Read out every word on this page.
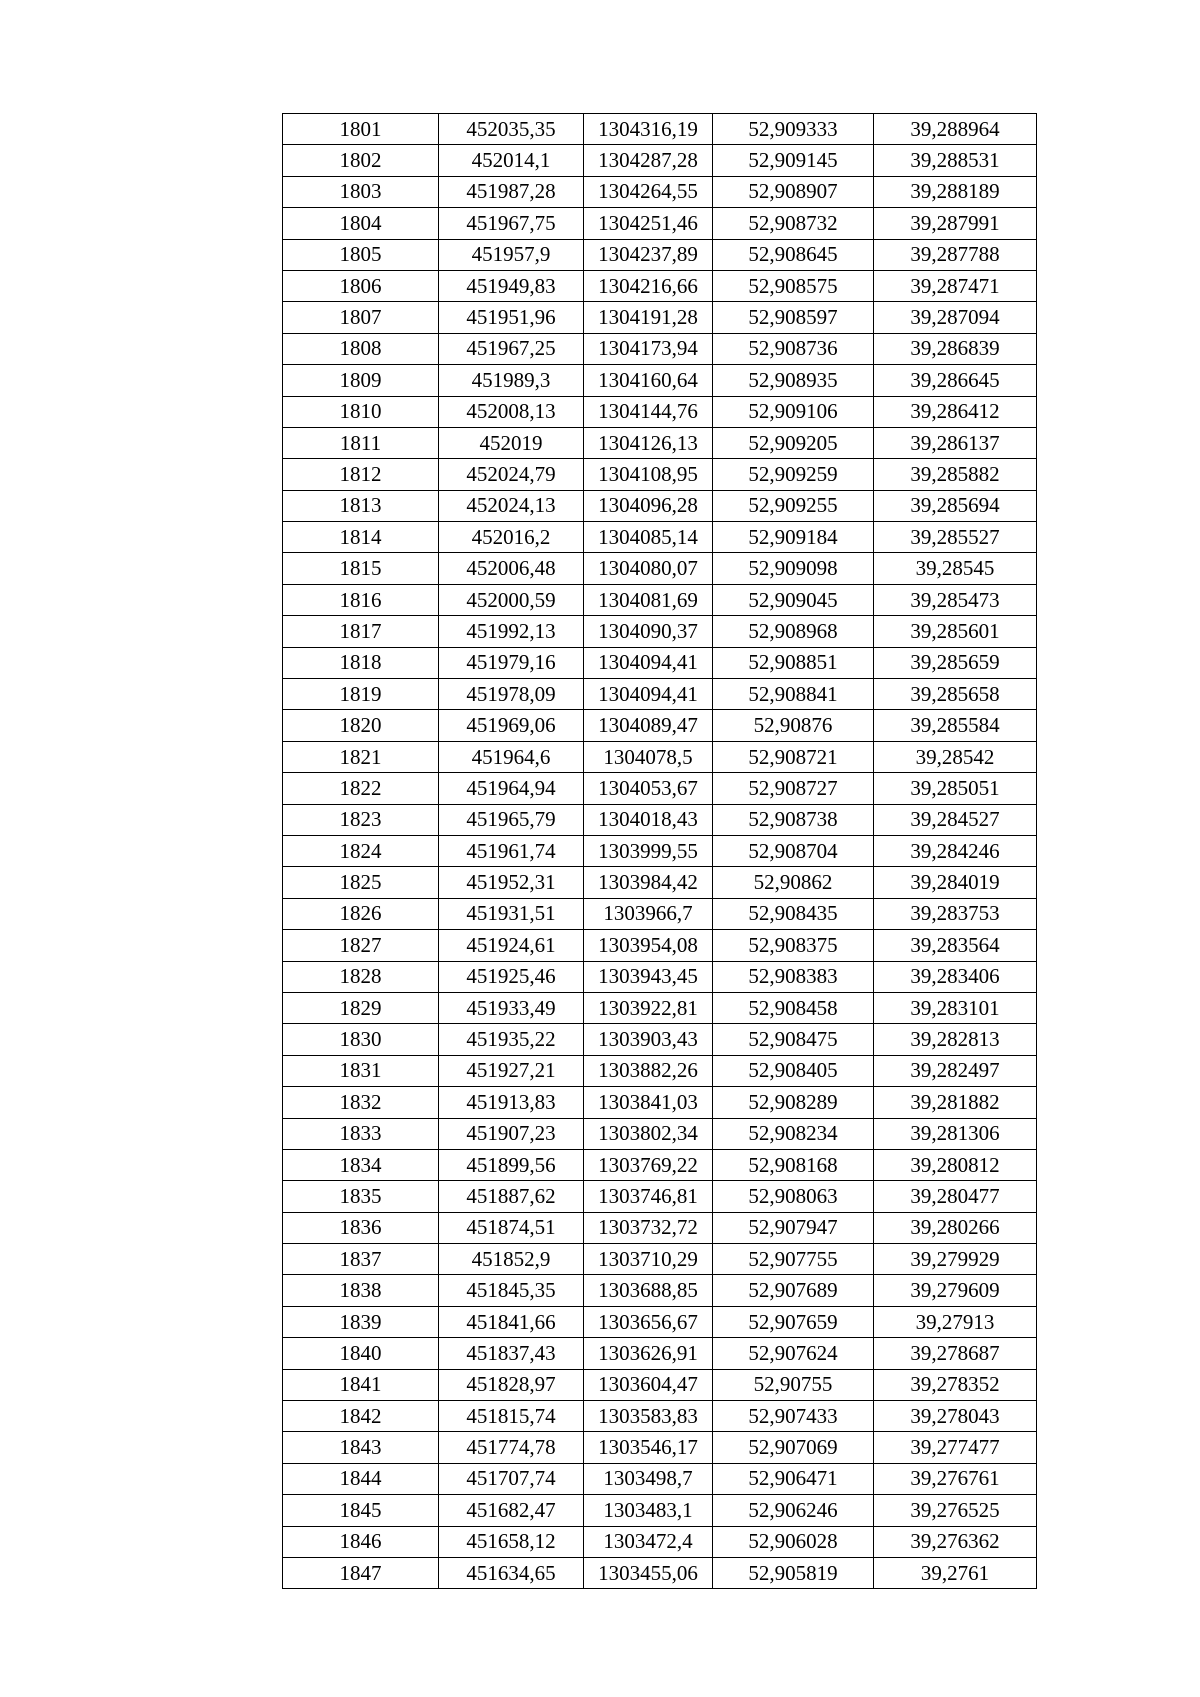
1801	452035,35	1304316,19	52,909333	39,288964
1802	452014,1	1304287,28	52,909145	39,288531
1803	451987,28	1304264,55	52,908907	39,288189
1804	451967,75	1304251,46	52,908732	39,287991
1805	451957,9	1304237,89	52,908645	39,287788
1806	451949,83	1304216,66	52,908575	39,287471
1807	451951,96	1304191,28	52,908597	39,287094
1808	451967,25	1304173,94	52,908736	39,286839
1809	451989,3	1304160,64	52,908935	39,286645
1810	452008,13	1304144,76	52,909106	39,286412
1811	452019	1304126,13	52,909205	39,286137
1812	452024,79	1304108,95	52,909259	39,285882
1813	452024,13	1304096,28	52,909255	39,285694
1814	452016,2	1304085,14	52,909184	39,285527
1815	452006,48	1304080,07	52,909098	39,28545
1816	452000,59	1304081,69	52,909045	39,285473
1817	451992,13	1304090,37	52,908968	39,285601
1818	451979,16	1304094,41	52,908851	39,285659
1819	451978,09	1304094,41	52,908841	39,285658
1820	451969,06	1304089,47	52,90876	39,285584
1821	451964,6	1304078,5	52,908721	39,28542
1822	451964,94	1304053,67	52,908727	39,285051
1823	451965,79	1304018,43	52,908738	39,284527
1824	451961,74	1303999,55	52,908704	39,284246
1825	451952,31	1303984,42	52,90862	39,284019
1826	451931,51	1303966,7	52,908435	39,283753
1827	451924,61	1303954,08	52,908375	39,283564
1828	451925,46	1303943,45	52,908383	39,283406
1829	451933,49	1303922,81	52,908458	39,283101
1830	451935,22	1303903,43	52,908475	39,282813
1831	451927,21	1303882,26	52,908405	39,282497
1832	451913,83	1303841,03	52,908289	39,281882
1833	451907,23	1303802,34	52,908234	39,281306
1834	451899,56	1303769,22	52,908168	39,280812
1835	451887,62	1303746,81	52,908063	39,280477
1836	451874,51	1303732,72	52,907947	39,280266
1837	451852,9	1303710,29	52,907755	39,279929
1838	451845,35	1303688,85	52,907689	39,279609
1839	451841,66	1303656,67	52,907659	39,27913
1840	451837,43	1303626,91	52,907624	39,278687
1841	451828,97	1303604,47	52,90755	39,278352
1842	451815,74	1303583,83	52,907433	39,278043
1843	451774,78	1303546,17	52,907069	39,277477
1844	451707,74	1303498,7	52,906471	39,276761
1845	451682,47	1303483,1	52,906246	39,276525
1846	451658,12	1303472,4	52,906028	39,276362
1847	451634,65	1303455,06	52,905819	39,2761
